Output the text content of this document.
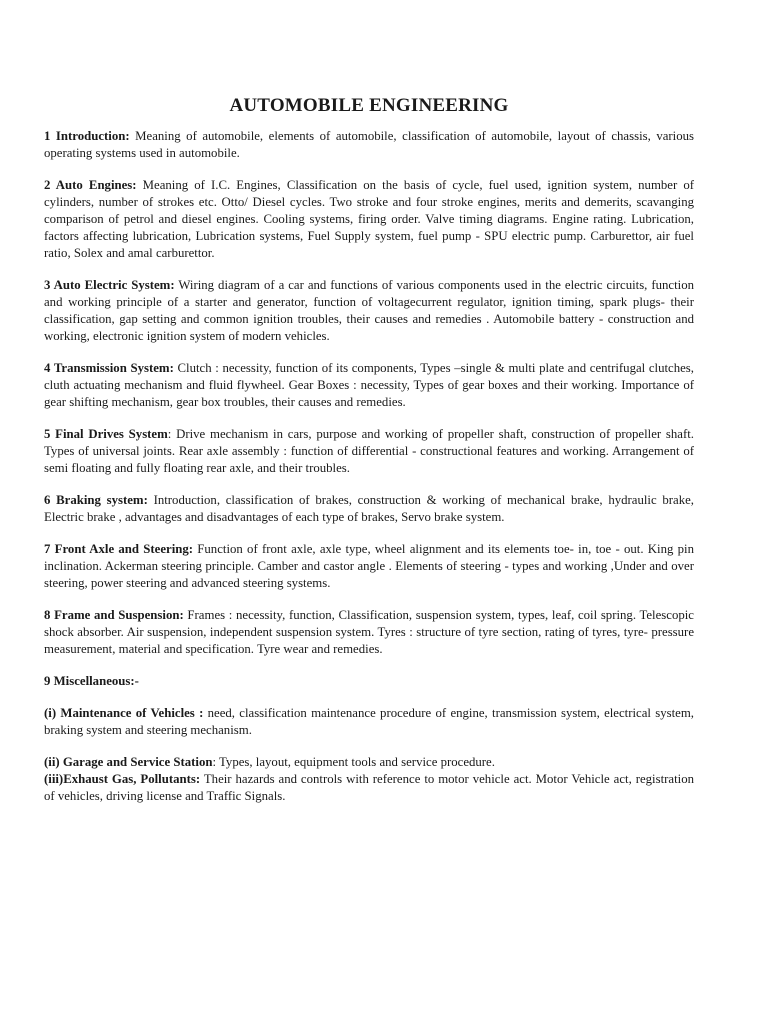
AUTOMOBILE ENGINEERING

1 Introduction: Meaning of automobile, elements of automobile, classification of automobile, layout of chassis, various operating systems used in automobile.

2 Auto Engines: Meaning of I.C. Engines, Classification on the basis of cycle, fuel used, ignition system, number of cylinders, number of strokes etc. Otto/ Diesel cycles. Two stroke and four stroke engines, merits and demerits, scavanging comparison of petrol and diesel engines. Cooling systems, firing order. Valve timing diagrams. Engine rating. Lubrication, factors affecting lubrication, Lubrication systems, Fuel Supply system, fuel pump - SPU electric pump. Carburettor, air fuel ratio, Solex and amal carburettor.

3 Auto Electric System: Wiring diagram of a car and functions of various components used in the electric circuits, function and working principle of a starter and generator, function of voltagecurrent regulator, ignition timing, spark plugs- their classification, gap setting and common ignition troubles, their causes and remedies . Automobile battery - construction and working, electronic ignition system of modern vehicles.

4 Transmission System: Clutch : necessity, function of its components, Types –single & multi plate and centrifugal clutches, cluth actuating mechanism and fluid flywheel. Gear Boxes : necessity, Types of gear boxes and their working. Importance of gear shifting mechanism, gear box troubles, their causes and remedies.

5 Final Drives System: Drive mechanism in cars, purpose and working of propeller shaft, construction of propeller shaft. Types of universal joints. Rear axle assembly : function of differential - constructional features and working. Arrangement of semi floating and fully floating rear axle, and their troubles.

6 Braking system: Introduction, classification of brakes, construction & working of mechanical brake, hydraulic brake, Electric brake , advantages and disadvantages of each type of brakes, Servo brake system.

7 Front Axle and Steering: Function of front axle, axle type, wheel alignment and its elements toe- in, toe - out. King pin inclination. Ackerman steering principle. Camber and castor angle . Elements of steering - types and working ,Under and over steering, power steering and advanced steering systems.

8 Frame and Suspension: Frames : necessity, function, Classification, suspension system, types, leaf, coil spring. Telescopic shock absorber. Air suspension, independent suspension system. Tyres : structure of tyre section, rating of tyres, tyre- pressure measurement, material and specification. Tyre wear and remedies.

9 Miscellaneous:-

(i) Maintenance of Vehicles : need, classification maintenance procedure of engine, transmission system, electrical system, braking system and steering mechanism.

(ii) Garage and Service Station: Types, layout, equipment tools and service procedure.

(iii)Exhaust Gas, Pollutants: Their hazards and controls with reference to motor vehicle act. Motor Vehicle act, registration of vehicles, driving license and Traffic Signals.
